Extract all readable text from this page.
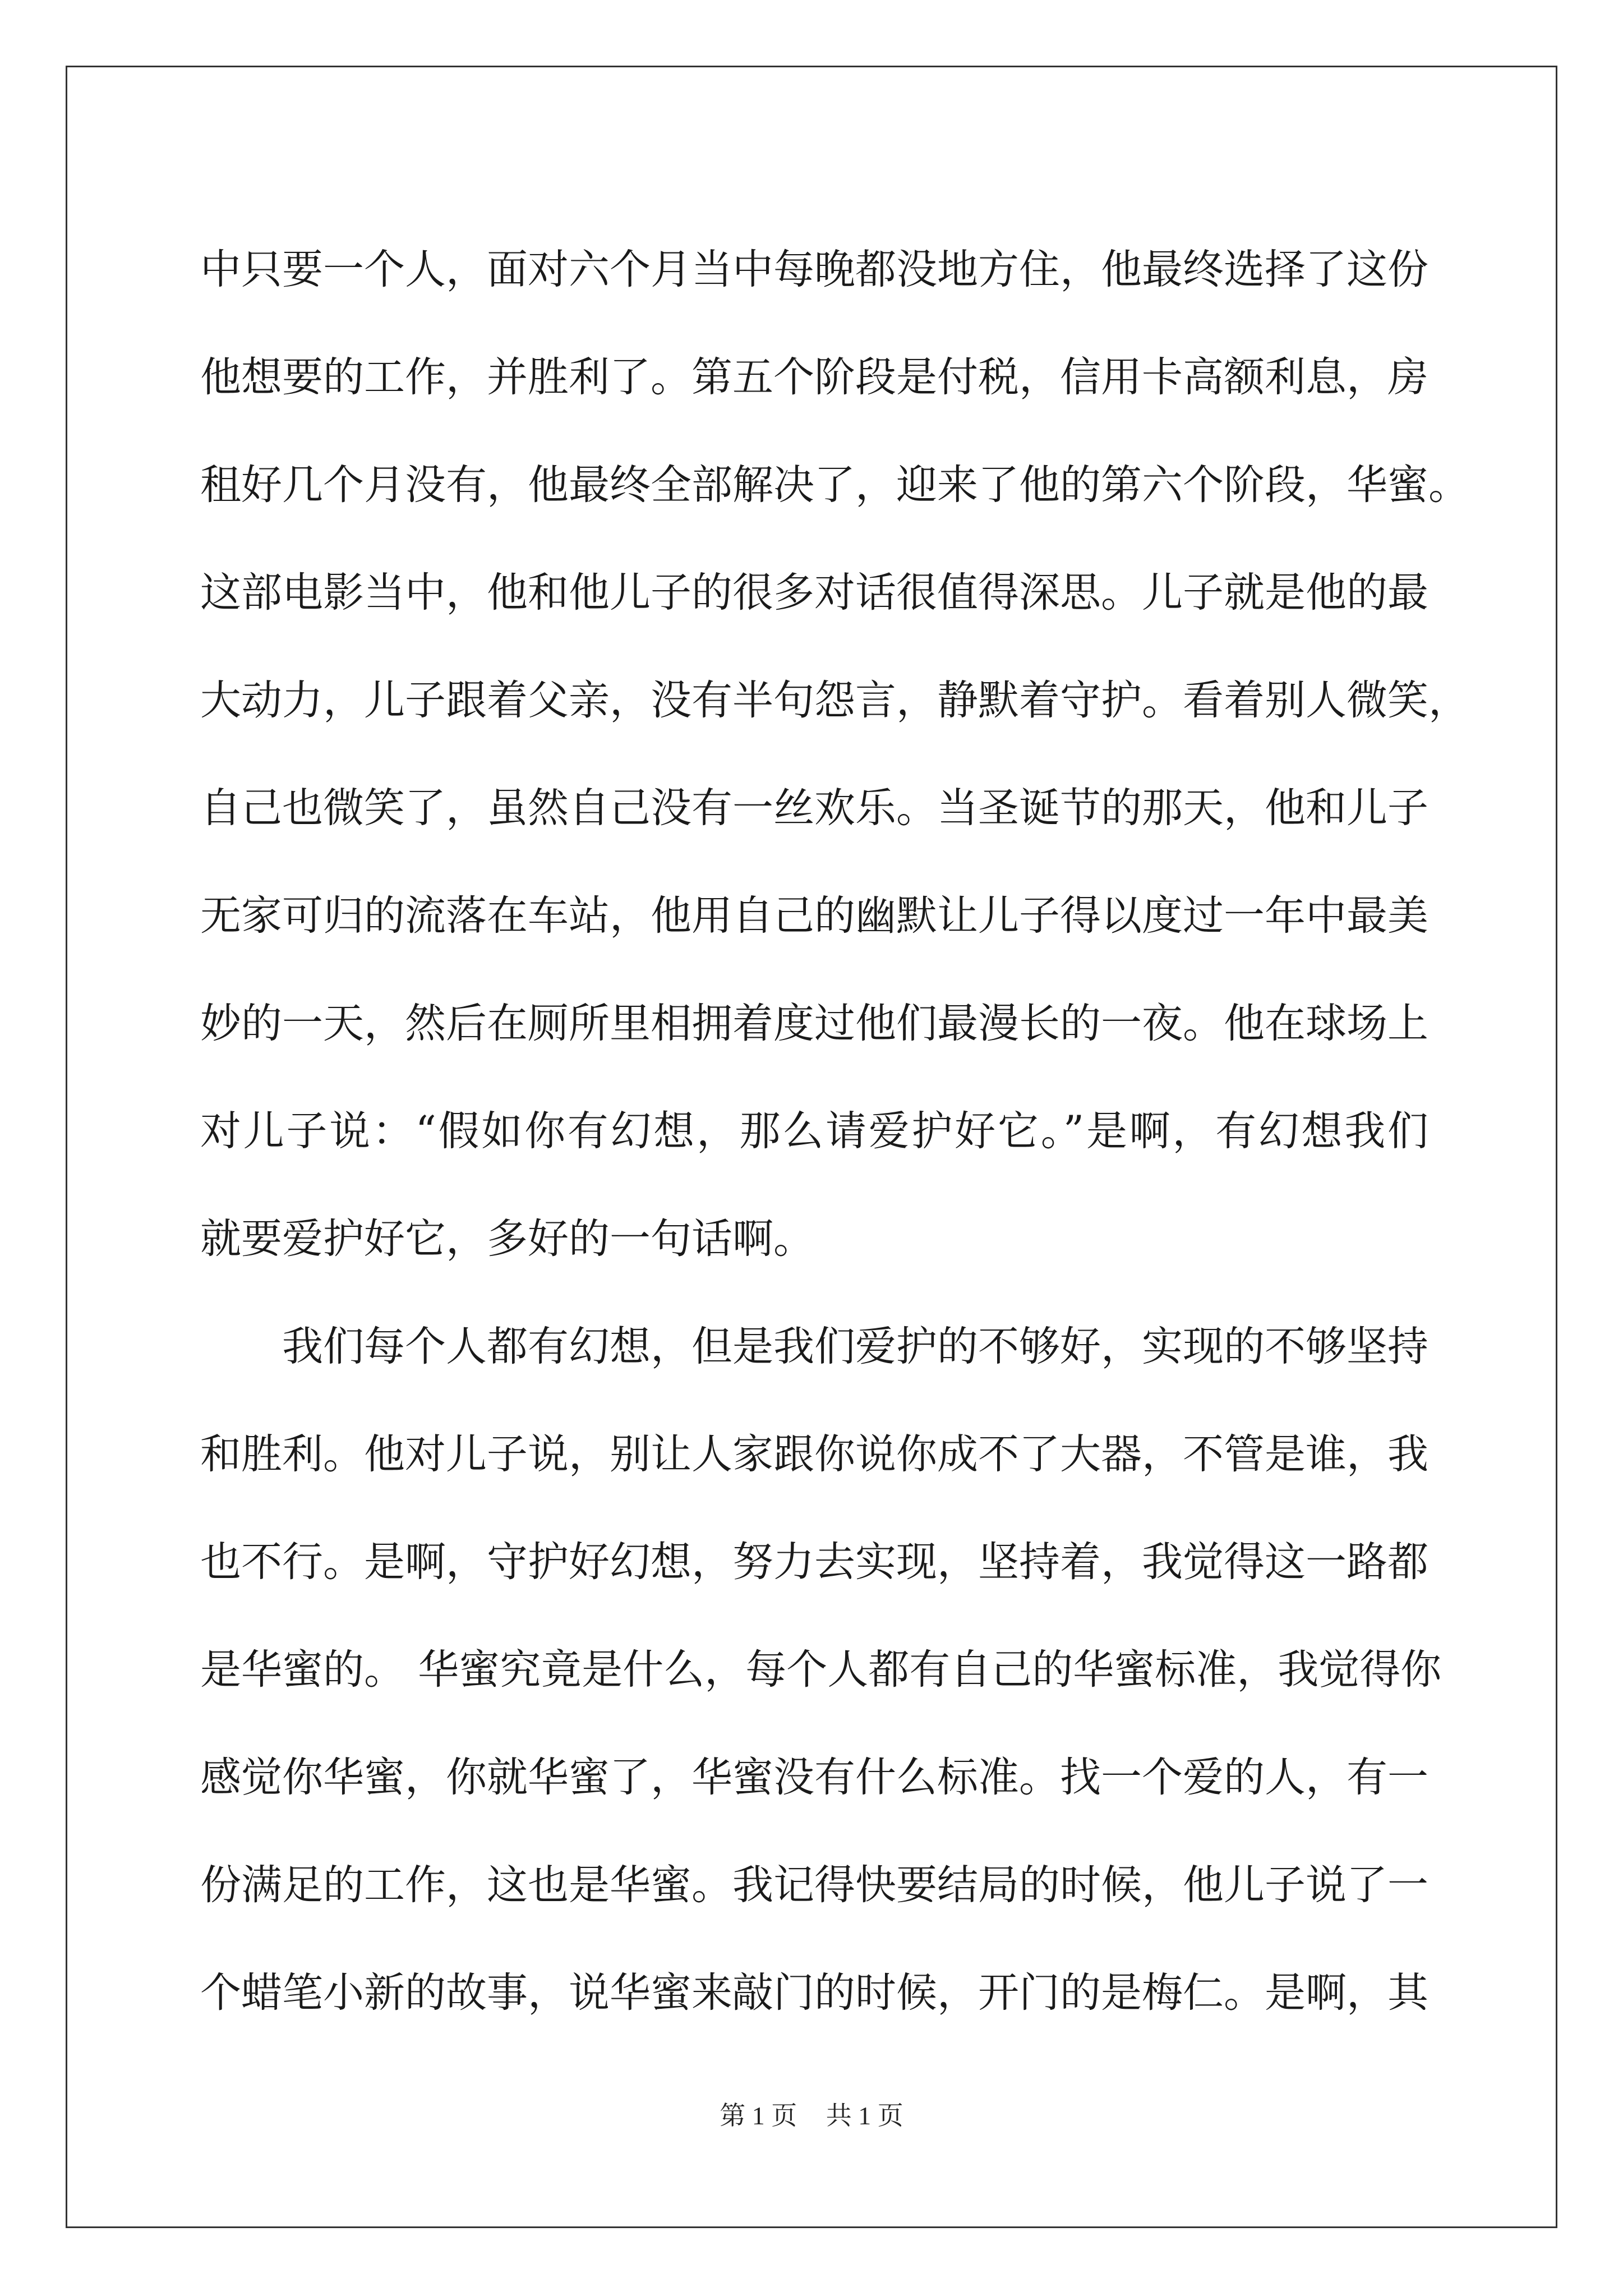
中只要一个人，面对六个月当中每晚都没地方住，他最终选择了这份
他想要的工作，并胜利了。第五个阶段是付税，信用卡高额利息，房
租好几个月没有，他最终全部解决了，迎来了他的第六个阶段，华蜜。
这部电影当中，他和他儿子的很多对话很值得深思。儿子就是他的最
大动力，儿子跟着父亲，没有半句怨言，静默着守护。看着别人微笑，
自己也微笑了，虽然自己没有一丝欢乐。当圣诞节的那天，他和儿子
无家可归的流落在车站，他用自己的幽默让儿子得以度过一年中最美
妙的一天，然后在厕所里相拥着度过他们最漫长的一夜。他在球场上
对儿子说：“假如你有幻想，那么请爱护好它。”是啊，有幻想我们
就要爱护好它，多好的一句话啊。
我们每个人都有幻想，但是我们爱护的不够好，实现的不够坚持
和胜利。他对儿子说，别让人家跟你说你成不了大器，不管是谁，我
也不行。是啊，守护好幻想，努力去实现，坚持着，我觉得这一路都
是华蜜的。 华蜜究竟是什么，每个人都有自己的华蜜标准，我觉得你
感觉你华蜜，你就华蜜了，华蜜没有什么标准。找一个爱的人，有一
份满足的工作，这也是华蜜。我记得快要结局的时候，他儿子说了一
个蜡笔小新的故事，说华蜜来敲门的时候，开门的是梅仁。是啊，其
第 1 页 共 1 页
